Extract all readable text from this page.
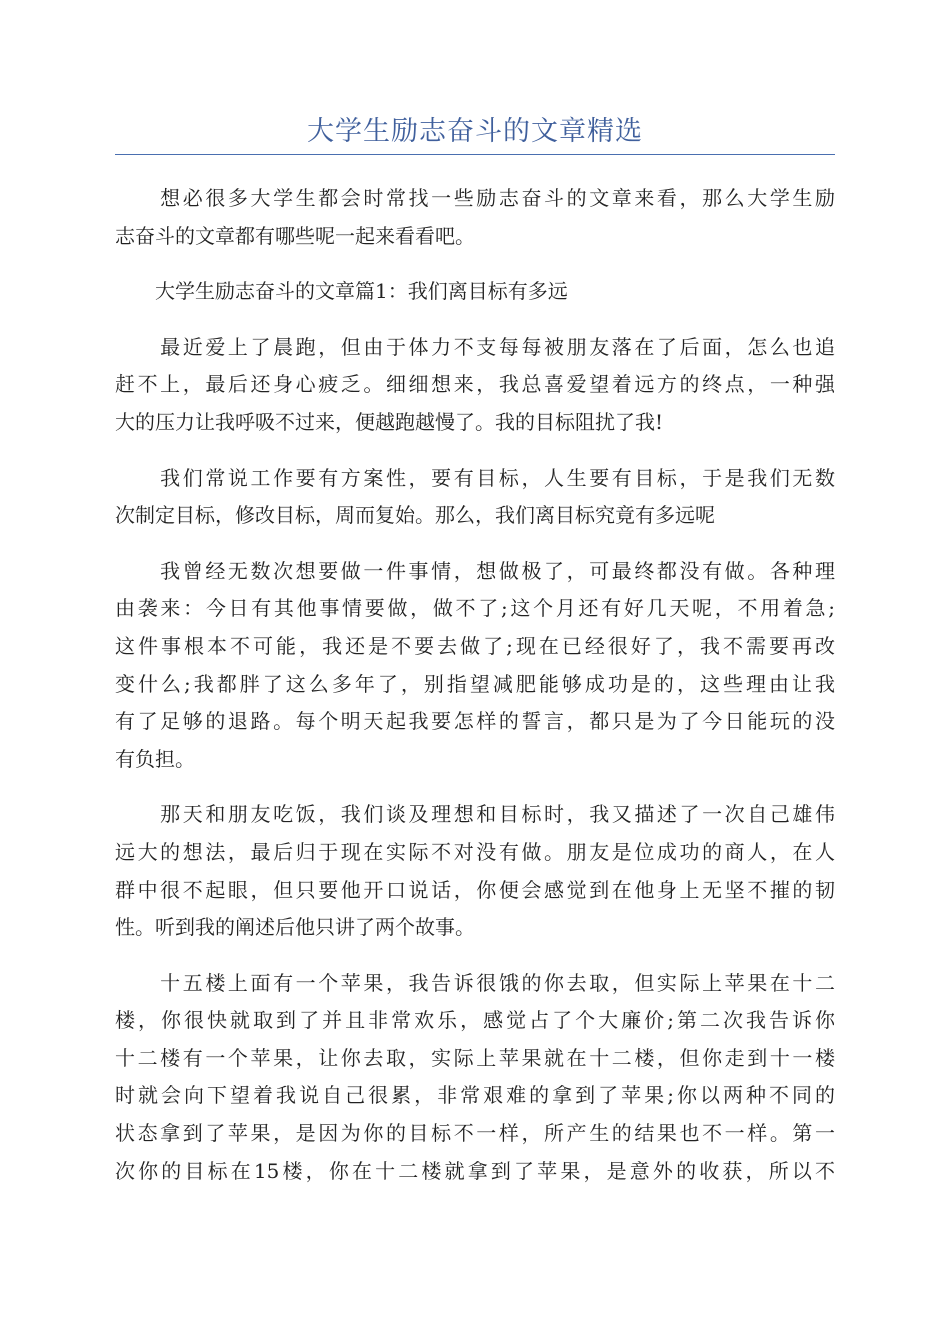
大学生励志奋斗的文章精选

　　想必很多大学生都会时常找一些励志奋斗的文章来看，那么大学生励
志奋斗的文章都有哪些呢一起来看看吧。

　　大学生励志奋斗的文章篇1：我们离目标有多远

　　最近爱上了晨跑，但由于体力不支每每被朋友落在了后面，怎么也追
赶不上，最后还身心疲乏。细细想来，我总喜爱望着远方的终点，一种强
大的压力让我呼吸不过来，便越跑越慢了。我的目标阻扰了我!

　　我们常说工作要有方案性，要有目标，人生要有目标，于是我们无数
次制定目标，修改目标，周而复始。那么，我们离目标究竟有多远呢

　　我曾经无数次想要做一件事情，想做极了，可最终都没有做。各种理
由袭来：今日有其他事情要做，做不了;这个月还有好几天呢，不用着急;
这件事根本不可能，我还是不要去做了;现在已经很好了，我不需要再改
变什么;我都胖了这么多年了，别指望减肥能够成功是的，这些理由让我
有了足够的退路。每个明天起我要怎样的誓言，都只是为了今日能玩的没
有负担。

　　那天和朋友吃饭，我们谈及理想和目标时，我又描述了一次自己雄伟
远大的想法，最后归于现在实际不对没有做。朋友是位成功的商人，在人
群中很不起眼，但只要他开口说话，你便会感觉到在他身上无坚不摧的韧
性。听到我的阐述后他只讲了两个故事。

　　十五楼上面有一个苹果，我告诉很饿的你去取，但实际上苹果在十二
楼，你很快就取到了并且非常欢乐，感觉占了个大廉价;第二次我告诉你
十二楼有一个苹果，让你去取，实际上苹果就在十二楼，但你走到十一楼
时就会向下望着我说自己很累，非常艰难的拿到了苹果;你以两种不同的
状态拿到了苹果，是因为你的目标不一样，所产生的结果也不一样。第一
次你的目标在15楼，你在十二楼就拿到了苹果，是意外的收获，所以不
